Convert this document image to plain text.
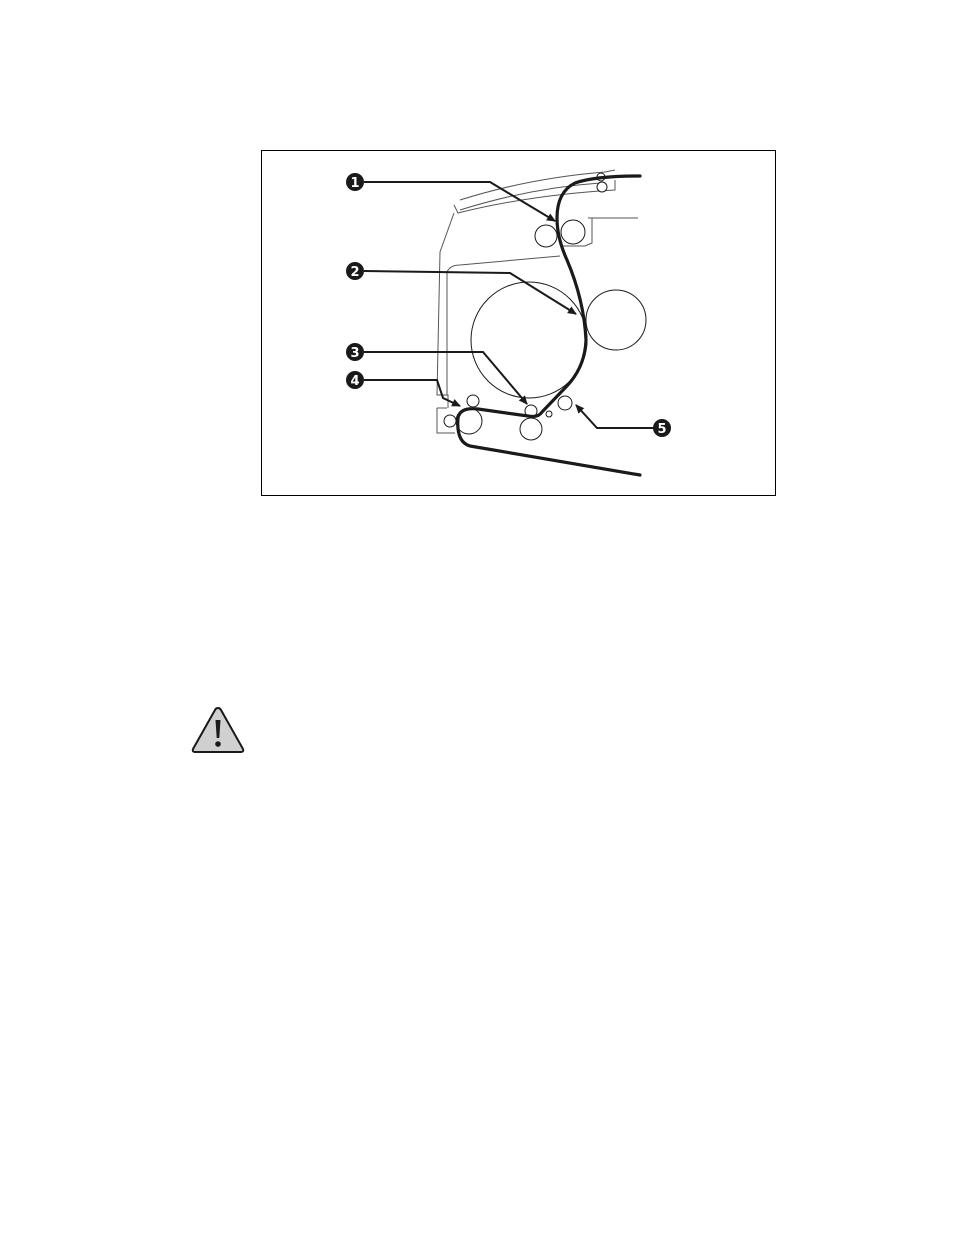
1
2
3
4
5
